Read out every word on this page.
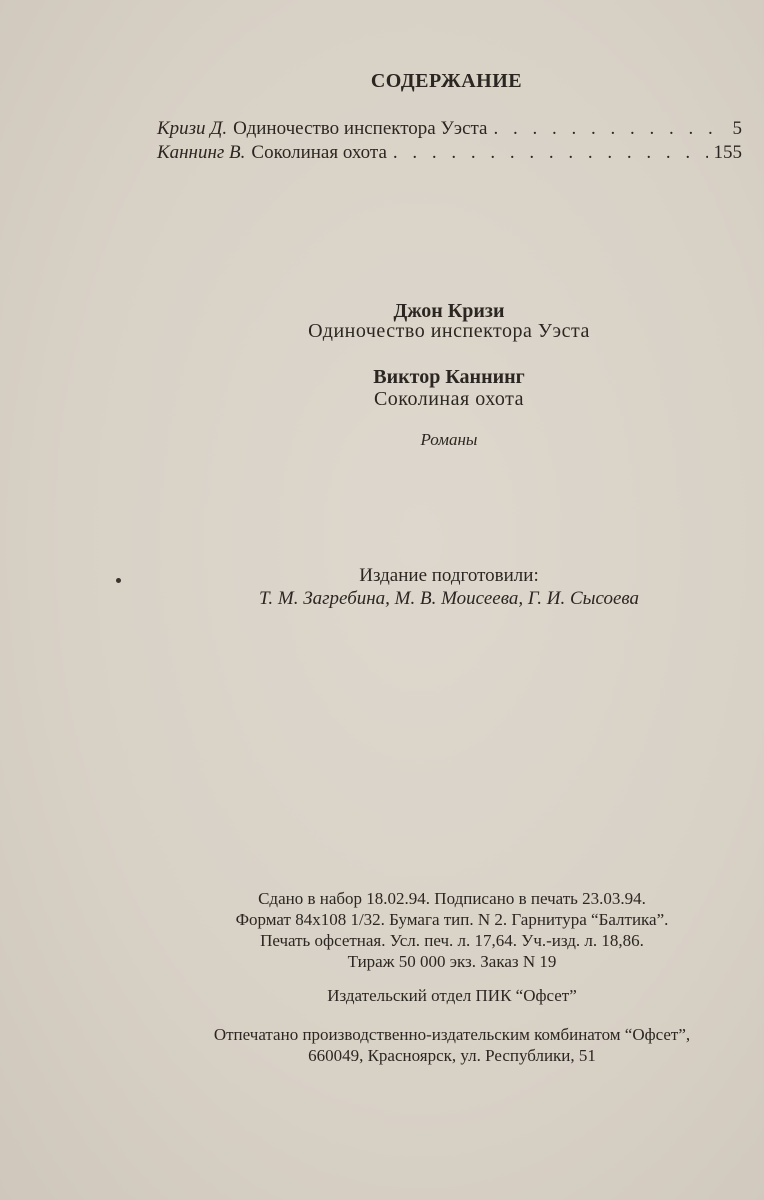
СОДЕРЖАНИЕ
Кризи Д. Одиночество инспектора Уэста . . .	5
Каннинг В. Соколиная охота . . .	155
Джон Кризи
Одиночество инспектора Уэста
Виктор Каннинг
Соколиная охота
Романы
Издание подготовили:
Т. М. Загребина, М. В. Моисеева, Г. И. Сысоева
Сдано в набор 18.02.94. Подписано в печать 23.03.94.
Формат 84х108 1/32. Бумага тип. N 2. Гарнитура “Балтика”.
Печать офсетная. Усл. печ. л. 17,64. Уч.-изд. л. 18,86.
Тираж 50 000 экз. Заказ N 19
Издательский отдел ПИК “Офсет”
Отпечатано производственно-издательским комбинатом “Офсет”,
660049, Красноярск, ул. Республики, 51
